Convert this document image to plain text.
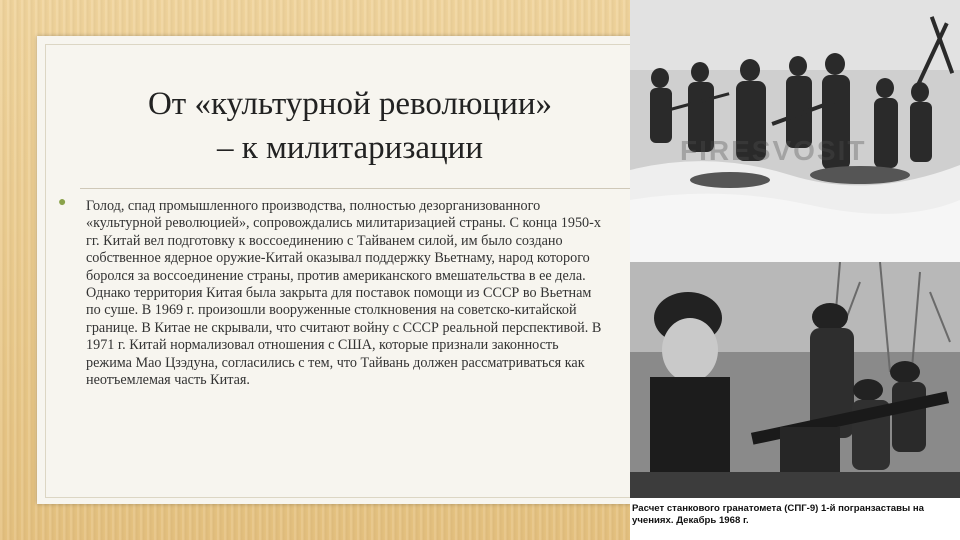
От «культурной революции»
– к милитаризации
● Голод, спад промышленного производства, полностью дезорганизованного «культурной революцией», сопровождались милитаризацией страны. С конца 1950-х гг. Китай вел подготовку к воссоединению с Тайванем силой, им было создано собственное ядерное оружие-Китай оказывал поддержку Вьетнаму, народ которого боролся за воссоединение страны, против американского вмешательства в ее дела. Однако территория Китая была закрыта для поставок помощи из СССР во Вьетнам по суше. В 1969 г. произошли вооруженные столкновения на советско-китайской границе. В Китае не скрывали, что считают войну с СССР реальной перспективой. В 1971 г. Китай нормализовал отношения с США, которые признали законность режима Мао Цзэдуна, согласились с тем, что Тайвань должен рассматриваться как неотъемлемая часть Китая.

FIRESVOSIT
Расчет станкового гранатомета (СПГ-9) 1-й погранзаставы на учениях. Декабрь 1968 г.
